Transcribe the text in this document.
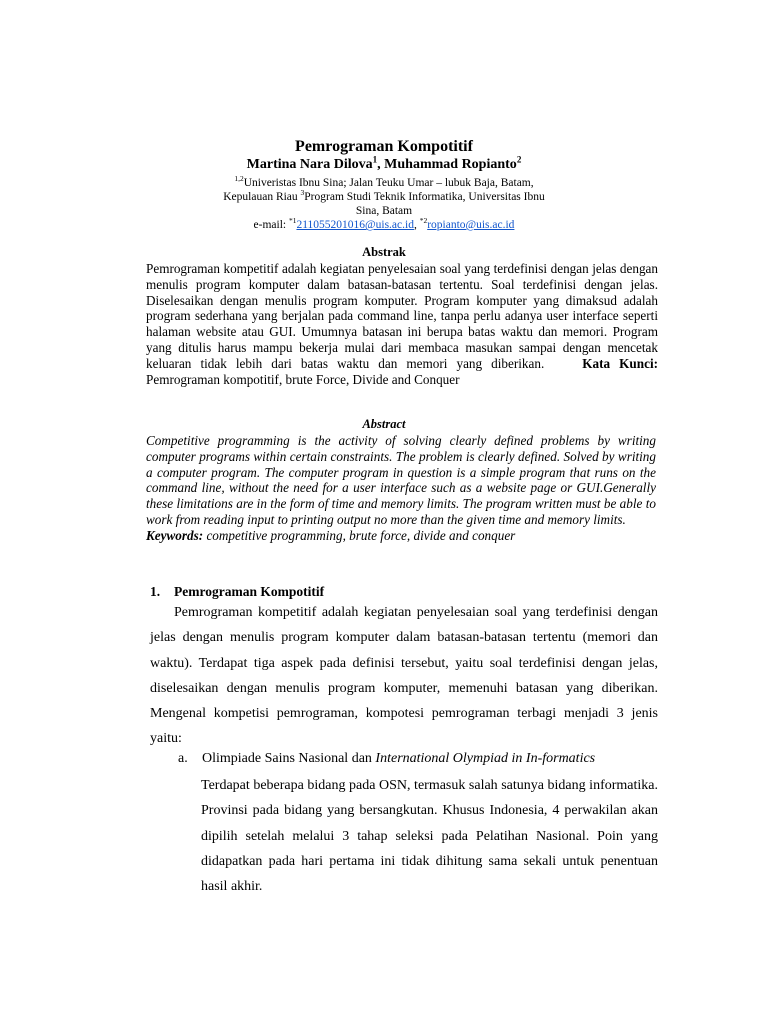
Pemrograman Kompotitif
Martina Nara Dilova$^1$, Muhammad Ropianto$^2$
$^{1,2}$Univeristas Ibnu Sina; Jalan Teuku Umar – lubuk Baja, Batam,
Kepulauan Riau $^3$Program Studi Teknik Informatika, Universitas Ibnu
Sina, Batam
e-mail: $^{*1}$211055201016@uis.ac.id, $^{*2}$ropianto@uis.ac.id
Abstrak
Pemrograman kompetitif adalah kegiatan penyelesaian soal yang terdefinisi dengan jelas dengan menulis program komputer dalam batasan-batasan tertentu. Soal terdefinisi dengan jelas. Diselesaikan dengan menulis program komputer. Program komputer yang dimaksud adalah program sederhana yang berjalan pada command line, tanpa perlu adanya user interface seperti halaman website atau GUI. Umumnya batasan ini berupa batas waktu dan memori. Program yang ditulis harus mampu bekerja mulai dari membaca masukan sampai dengan mencetak keluaran tidak lebih dari batas waktu dan memori yang diberikan.	Kata Kunci: Pemrograman kompotitif, brute Force, Divide and Conquer
Abstract
Competitive programming is the activity of solving clearly defined problems by writing computer programs within certain constraints. The problem is clearly defined. Solved by writing a computer program. The computer program in question is a simple program that runs on the command line, without the need for a user interface such as a website page or GUI.Generally these limitations are in the form of time and memory limits. The program written must be able to work from reading input to printing output no more than the given time and memory limits.
Keywords: competitive programming, brute force, divide and conquer
1. Pemrograman Kompotitif
Pemrograman kompetitif adalah kegiatan penyelesaian soal yang terdefinisi dengan jelas dengan menulis program komputer dalam batasan-batasan tertentu (memori dan waktu). Terdapat tiga aspek pada definisi tersebut, yaitu soal terdefinisi dengan jelas, diselesaikan dengan menulis program komputer, memenuhi batasan yang diberikan. Mengenal kompetisi pemrograman, kompotesi pemrograman terbagi menjadi 3 jenis yaitu:
a. Olimpiade Sains Nasional dan International Olympiad in In-formatics
Terdapat beberapa bidang pada OSN, termasuk salah satunya bidang informatika. Provinsi pada bidang yang bersangkutan. Khusus Indonesia, 4 perwakilan akan dipilih setelah melalui 3 tahap seleksi pada Pelatihan Nasional. Poin yang didapatkan pada hari pertama ini tidak dihitung sama sekali untuk penentuan hasil akhir.
